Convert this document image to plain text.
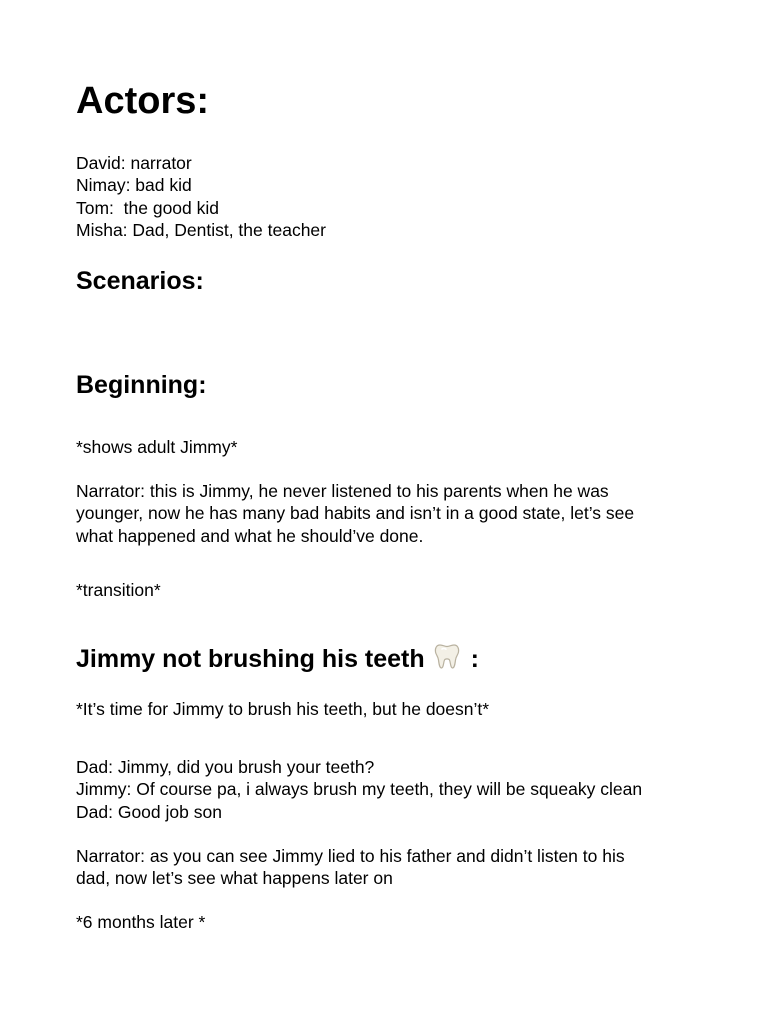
Actors:
David: narrator
Nimay: bad kid
Tom:  the good kid
Misha: Dad, Dentist, the teacher
Scenarios:
Beginning:

*shows adult Jimmy*

Narrator: this is Jimmy, he never listened to his parents when he was
younger, now he has many bad habits and isn’t in a good state, let’s see
what happened and what he should’ve done.

*transition*

Jimmy not brushing his teeth :

*It’s time for Jimmy to brush his teeth, but he doesn’t*

Dad: Jimmy, did you brush your teeth?
Jimmy: Of course pa, i always brush my teeth, they will be squeaky clean
Dad: Good job son
Narrator: as you can see Jimmy lied to his father and didn’t listen to his
dad, now let’s see what happens later on

*6 months later *
